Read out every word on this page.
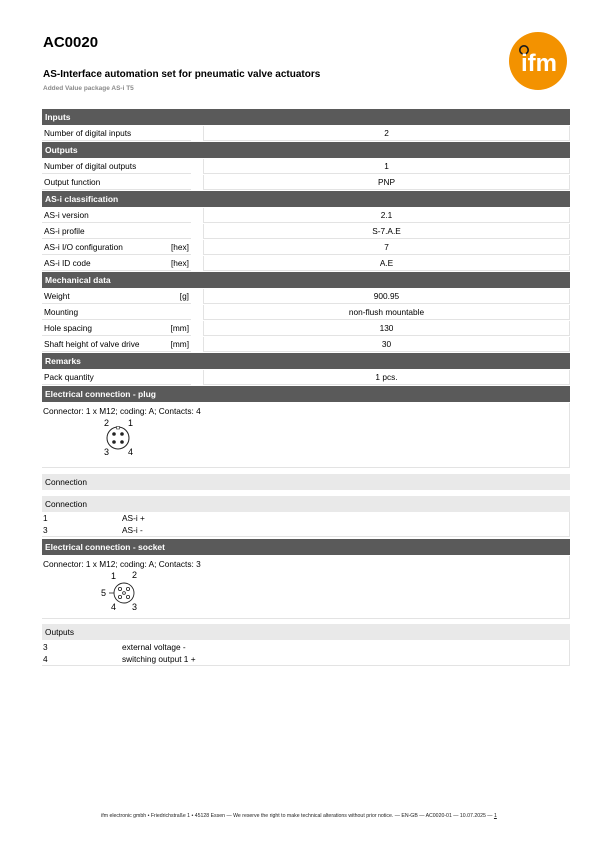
AC0020
AS-Interface automation set for pneumatic valve actuators
Added Value package AS-i T5
ifm
Inputs
Number of digital inputs	2
Outputs
Number of digital outputs	1
Output function	PNP
AS-i classification
AS-i version	2.1
AS-i profile	S-7.A.E
AS-i I/O configuration	[hex]	7
AS-i ID code	[hex]	A.E
Mechanical data
Weight	[g]	900.95
Mounting	non-flush mountable
Hole spacing	[mm]	130
Shaft height of valve drive	[mm]	30
Remarks
Pack quantity	1 pcs.
Electrical connection - plug
Connector: 1 x M12; coding: A; Contacts: 4
2 1
3 4
Connection
Connection
1	AS-i +
3	AS-i -
Electrical connection - socket
Connector: 1 x M12; coding: A; Contacts: 3
1 2
5
4 3
Outputs
3	external voltage -
4	switching output 1 +
ifm electronic gmbh • Friedrichstraße 1 • 45128 Essen — We reserve the right to make technical alterations without prior notice. — EN-GB — AC0020-01 — 10.07.2025 — 1
